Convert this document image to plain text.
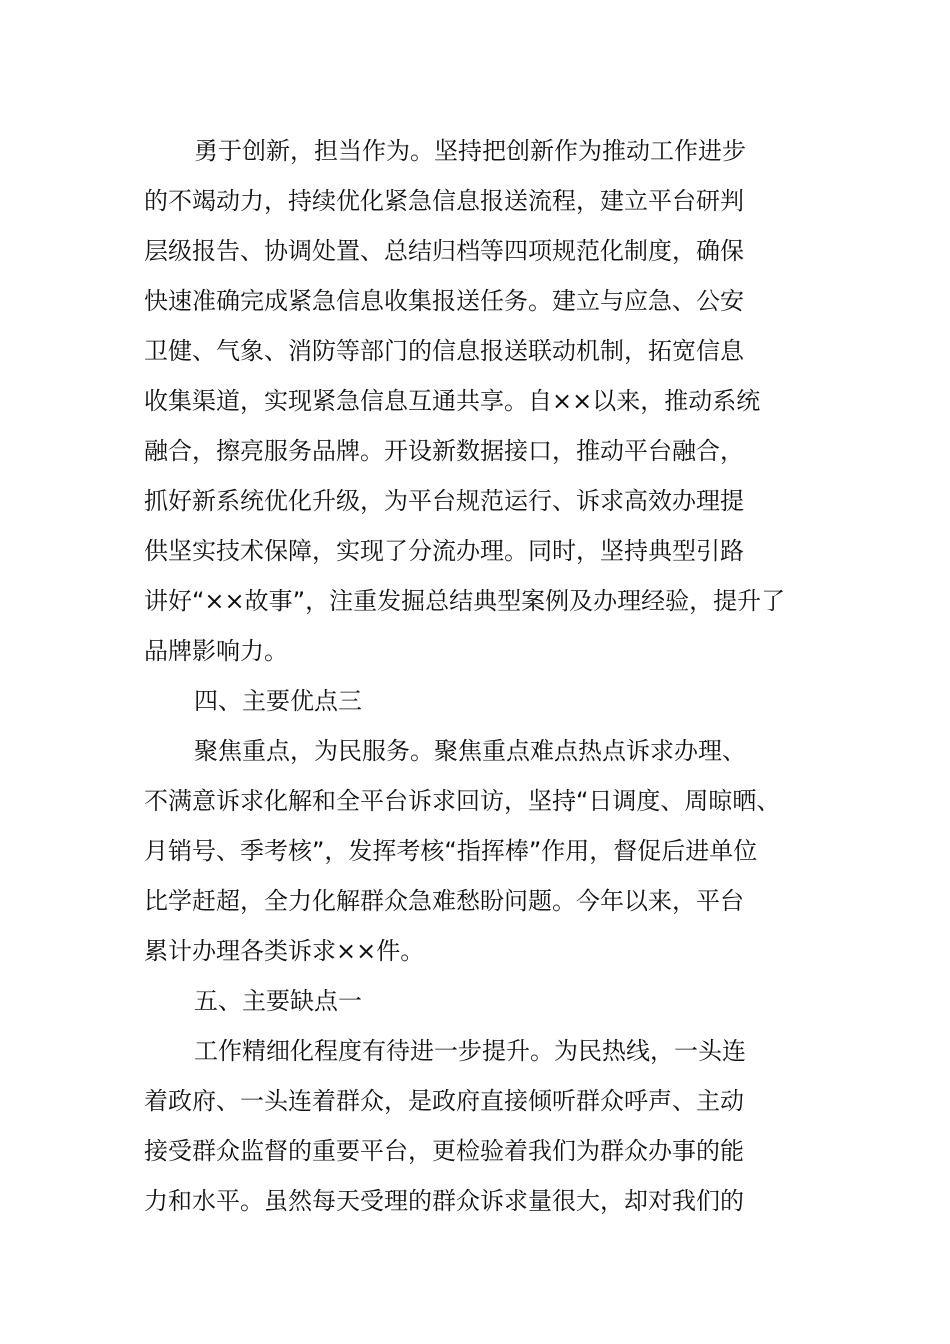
勇于创新，担当作为。坚持把创新作为推动工作进步
的不竭动力，持续优化紧急信息报送流程，建立平台研判
层级报告、协调处置、总结归档等四项规范化制度，确保
快速准确完成紧急信息收集报送任务。建立与应急、公安
卫健、气象、消防等部门的信息报送联动机制，拓宽信息
收集渠道，实现紧急信息互通共享。自××以来，推动系统
融合，擦亮服务品牌。开设新数据接口，推动平台融合，
抓好新系统优化升级，为平台规范运行、诉求高效办理提
供坚实技术保障，实现了分流办理。同时，坚持典型引路
讲好“××故事”，注重发掘总结典型案例及办理经验，提升了
品牌影响力。
四、主要优点三
聚焦重点，为民服务。聚焦重点难点热点诉求办理、
不满意诉求化解和全平台诉求回访，坚持“日调度、周晾晒、
月销号、季考核”，发挥考核“指挥棒”作用，督促后进单位
比学赶超，全力化解群众急难愁盼问题。今年以来，平台
累计办理各类诉求××件。
五、主要缺点一
工作精细化程度有待进一步提升。为民热线，一头连
着政府、一头连着群众，是政府直接倾听群众呼声、主动
接受群众监督的重要平台，更检验着我们为群众办事的能
力和水平。虽然每天受理的群众诉求量很大，却对我们的
